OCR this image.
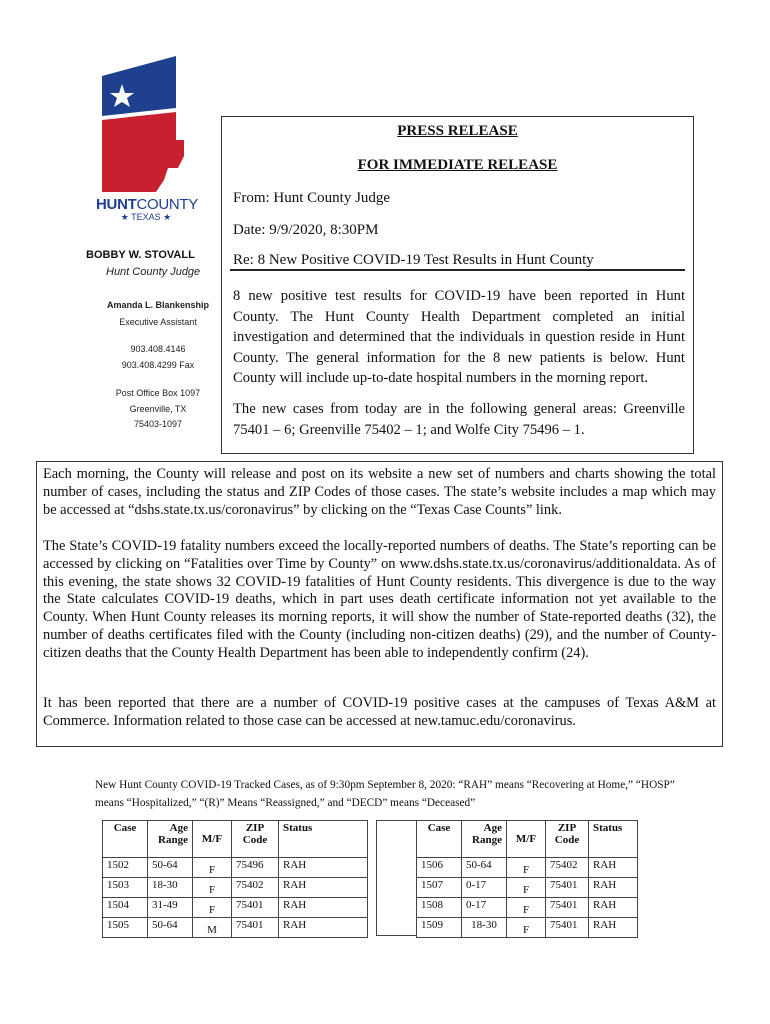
HUNTCOUNTY
★ TEXAS ★
BOBBY W. STOVALL
Hunt County Judge
Amanda L. Blankenship
Executive Assistant
903.408.4146
903.408.4299 Fax
Post Office Box 1097
Greenville, TX
75403-1097
PRESS RELEASE
FOR IMMEDIATE RELEASE
From: Hunt County Judge
Date: 9/9/2020, 8:30PM
Re: 8 New Positive COVID-19 Test Results in Hunt County
8 new positive test results for COVID-19 have been reported in Hunt County. The Hunt County Health Department completed an initial investigation and determined that the individuals in question reside in Hunt County. The general information for the 8 new patients is below. Hunt County will include up-to-date hospital numbers in the morning report.
The new cases from today are in the following general areas: Greenville 75401 – 6; Greenville 75402 – 1; and Wolfe City 75496 – 1.
Each morning, the County will release and post on its website a new set of numbers and charts showing the total number of cases, including the status and ZIP Codes of those cases. The state’s website includes a map which may be accessed at “dshs.state.tx.us/coronavirus” by clicking on the “Texas Case Counts” link.
The State’s COVID-19 fatality numbers exceed the locally-reported numbers of deaths. The State’s reporting can be accessed by clicking on “Fatalities over Time by County” on www.dshs.state.tx.us/coronavirus/additionaldata. As of this evening, the state shows 32 COVID-19 fatalities of Hunt County residents. This divergence is due to the way the State calculates COVID-19 deaths, which in part uses death certificate information not yet available to the County. When Hunt County releases its morning reports, it will show the number of State-reported deaths (32), the number of deaths certificates filed with the County (including non-citizen deaths) (29), and the number of County-citizen deaths that the County Health Department has been able to independently confirm (24).
It has been reported that there are a number of COVID-19 positive cases at the campuses of Texas A&M at Commerce. Information related to those case can be accessed at new.tamuc.edu/coronavirus.
New Hunt County COVID-19 Tracked Cases, as of 9:30pm September 8, 2020: “RAH” means “Recovering at Home,” “HOSP” means “Hospitalized,” “(R)” Means “Reassigned,” and “DECD” means “Deceased”
Case	Age Range	M/F	ZIP Code	Status
1502	50-64	F	75496	RAH
1503	18-30	F	75402	RAH
1504	31-49	F	75401	RAH
1505	50-64	M	75401	RAH
Case	Age Range	M/F	ZIP Code	Status
1506	50-64	F	75402	RAH
1507	0-17	F	75401	RAH
1508	0-17	F	75401	RAH
1509	18-30	F	75401	RAH
